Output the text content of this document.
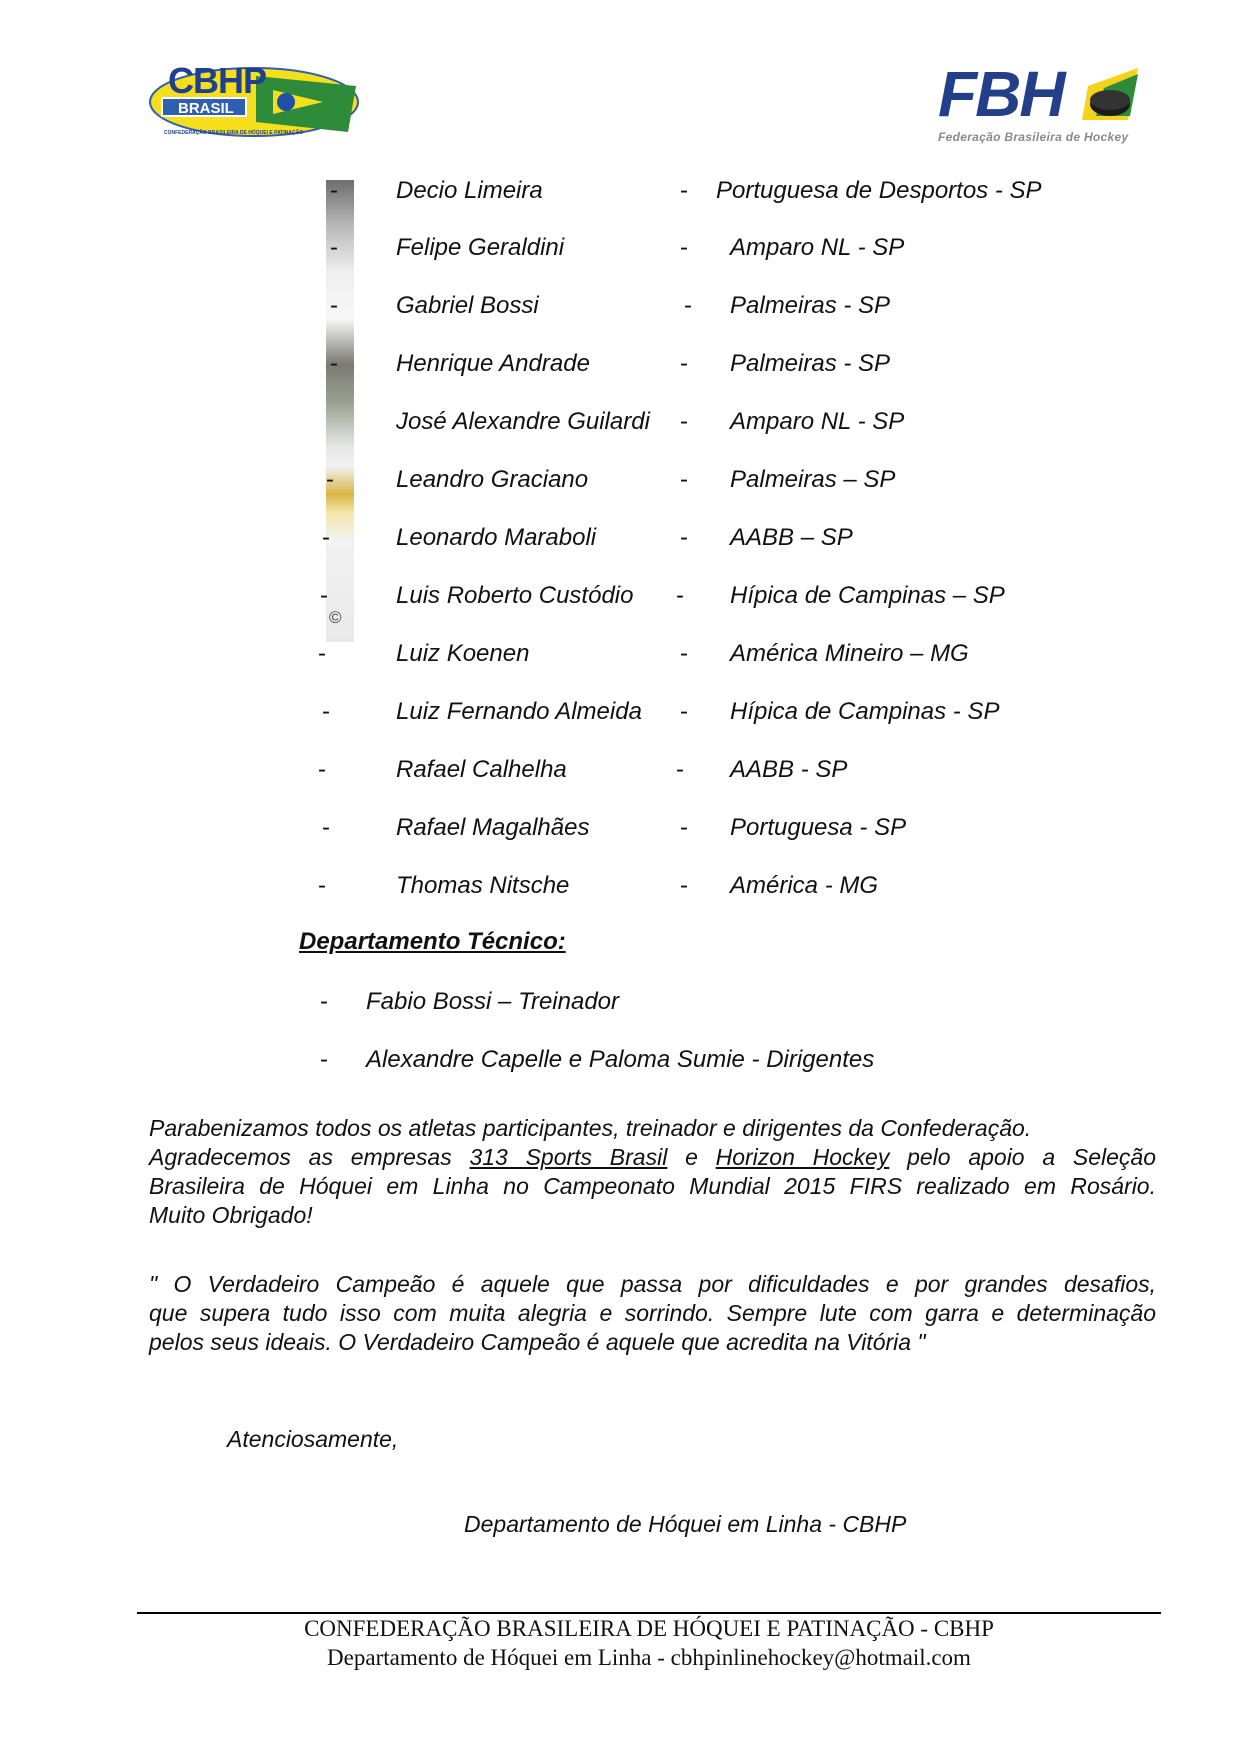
CBHP
BRASIL
CONFEDERAÇÃO BRASILEIRA DE HÓQUEI E PATINAÇÃO
FBH
Federação Brasileira de Hockey
©
- Decio Limeira	- Portuguesa de Desportos - SP
- Felipe Geraldini	- Amparo NL - SP
- Gabriel Bossi	- Palmeiras - SP
- Henrique Andrade	- Palmeiras - SP
José Alexandre Guilardi - Amparo NL - SP
-	Leandro Graciano	- Palmeiras – SP
-	Leonardo Maraboli	- AABB – SP
-	Luis Roberto Custódio - Hípica de Campinas – SP
-	Luiz Koenen	- América Mineiro – MG
-	Luiz Fernando Almeida - Hípica de Campinas - SP
-	Rafael Calhelha	- AABB - SP
-	Rafael Magalhães	- Portuguesa - SP
-	Thomas Nitsche	- América - MG
Departamento Técnico:
- Fabio Bossi – Treinador
- Alexandre Capelle e Paloma Sumie - Dirigentes
Parabenizamos todos os atletas participantes, treinador e dirigentes da Confederação.
Agradecemos as empresas 313 Sports Brasil e Horizon Hockey pelo apoio a Seleção
Brasileira de Hóquei em Linha no Campeonato Mundial 2015 FIRS realizado em Rosário.
Muito Obrigado!
" O Verdadeiro Campeão é aquele que passa por dificuldades e por grandes desafios,
que supera tudo isso com muita alegria e sorrindo. Sempre lute com garra e determinação
pelos seus ideais. O Verdadeiro Campeão é aquele que acredita na Vitória "
Atenciosamente,
Departamento de Hóquei em Linha - CBHP
CONFEDERAÇÃO BRASILEIRA DE HÓQUEI E PATINAÇÃO - CBHP
Departamento de Hóquei em Linha - cbhpinlinehockey@hotmail.com
